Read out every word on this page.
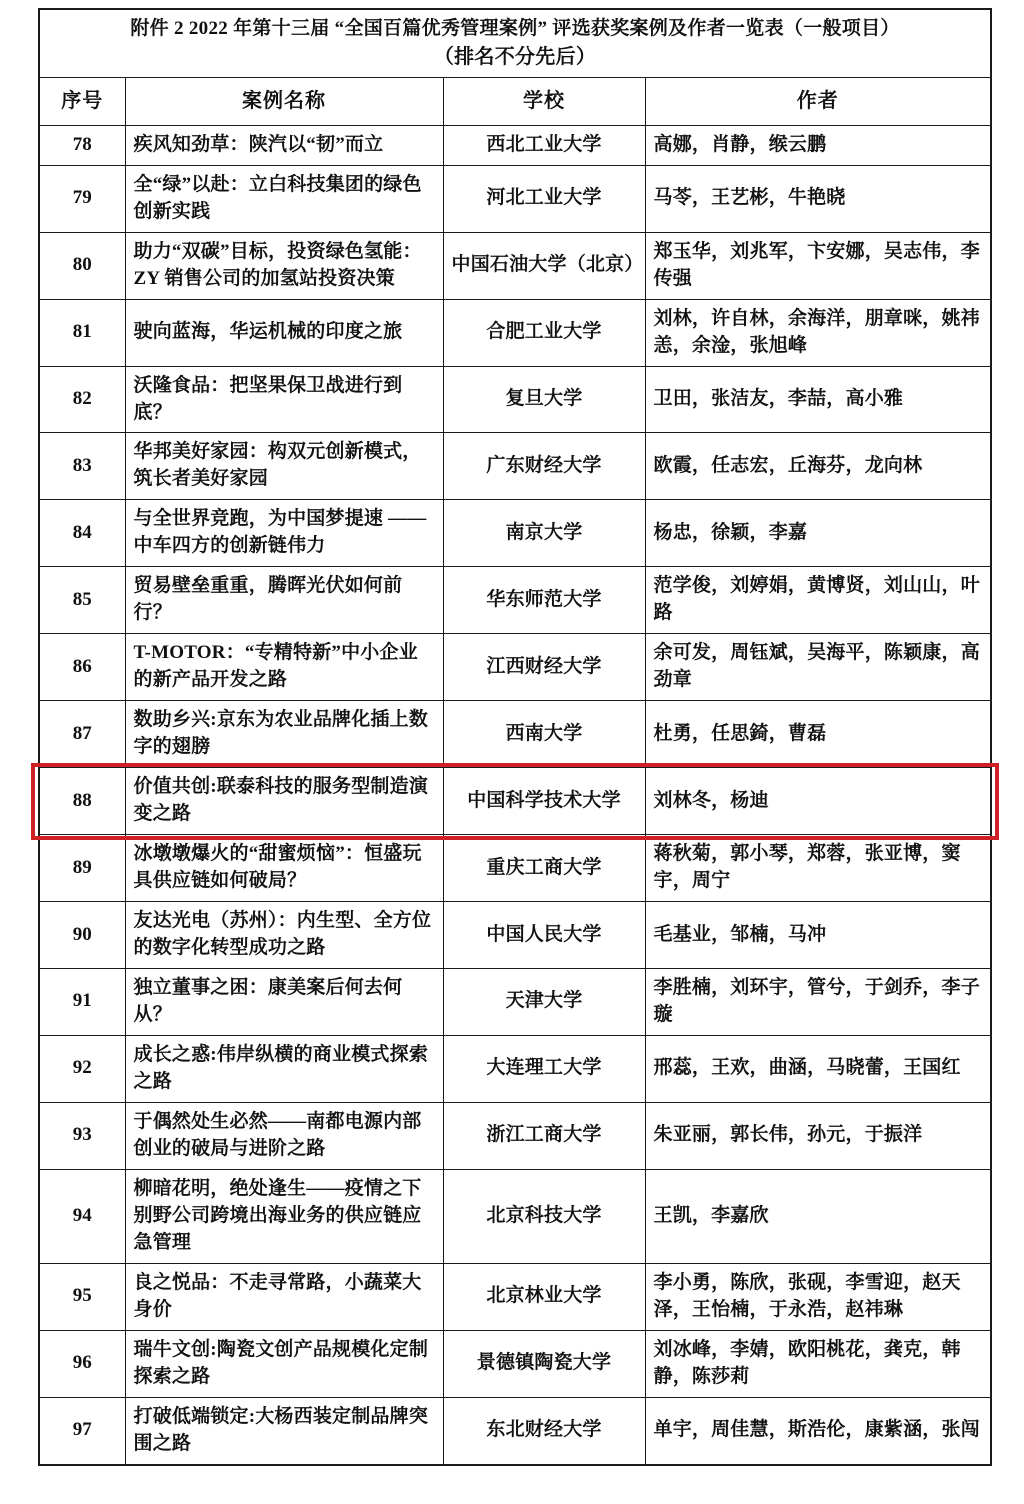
附件 2 2022 年第十三届 “全国百篇优秀管理案例” 评选获奖案例及作者一览表（一般项目）
（排名不分先后）			

序号	案例名称	学校	作者
78	疾风知劲草：陕汽以“韧”而立	西北工业大学	高娜，肖静，缑云鹏
79	全“绿”以赴：立白科技集团的绿色创新实践	河北工业大学	马苓，王艺彬，牛艳晓
80	助力“双碳”目标，投资绿色氢能：ZY 销售公司的加氢站投资决策	中国石油大学（北京）	郑玉华，刘兆军，卞安娜，吴志伟，李传强
81	驶向蓝海，华运机械的印度之旅	合肥工业大学	刘林，许自林，余海洋，朋章咪，姚祎恙，余淦，张旭峰
82	沃隆食品：把坚果保卫战进行到底？	复旦大学	卫田，张洁友，李喆，高小雅
83	华邦美好家园：构双元创新模式，筑长者美好家园	广东财经大学	欧霞，任志宏，丘海芬，龙向林
84	与全世界竞跑，为中国梦提速 ——中车四方的创新链伟力	南京大学	杨忠，徐颖，李嘉
85	贸易壁垒重重，腾晖光伏如何前行？	华东师范大学	范学俊，刘婷娟，黄博贤，刘山山，叶路
86	T-MOTOR：“专精特新”中小企业的新产品开发之路	江西财经大学	余可发，周钰斌，吴海平，陈颖康，高劲章
87	数助乡兴:京东为农业品牌化插上数字的翅膀	西南大学	杜勇，任思錡，曹磊
88	价值共创:联泰科技的服务型制造演变之路	中国科学技术大学	刘林冬，杨迪
89	冰墩墩爆火的“甜蜜烦恼”：恒盛玩具供应链如何破局？	重庆工商大学	蒋秋菊，郭小琴，郑蓉，张亚博，窦宇，周宁
90	友达光电（苏州）：内生型、全方位的数字化转型成功之路	中国人民大学	毛基业，邹楠，马冲
91	独立董事之困：康美案后何去何从？	天津大学	李胜楠，刘环宇，管兮，于剑乔，李子璇
92	成长之惑:伟岸纵横的商业模式探索之路	大连理工大学	邢蕊，王欢，曲涵，马晓蕾，王国红
93	于偶然处生必然——南都电源内部创业的破局与进阶之路	浙江工商大学	朱亚丽，郭长伟，孙元，于振洋
94	柳暗花明，绝处逢生——疫情之下别野公司跨境出海业务的供应链应急管理	北京科技大学	王凯，李嘉欣
95	良之悦品：不走寻常路，小蔬菜大身价	北京林业大学	李小勇，陈欣，张砚，李雪迎，赵天泽，王怡楠，于永浩，赵祎琳
96	瑞牛文创:陶瓷文创产品规模化定制探索之路	景德镇陶瓷大学	刘冰峰，李婧，欧阳桃花，龚克，韩静，陈莎莉
97	打破低端锁定:大杨西装定制品牌突围之路	东北财经大学	单宇，周佳慧，斯浩伦，康紫涵，张闯
